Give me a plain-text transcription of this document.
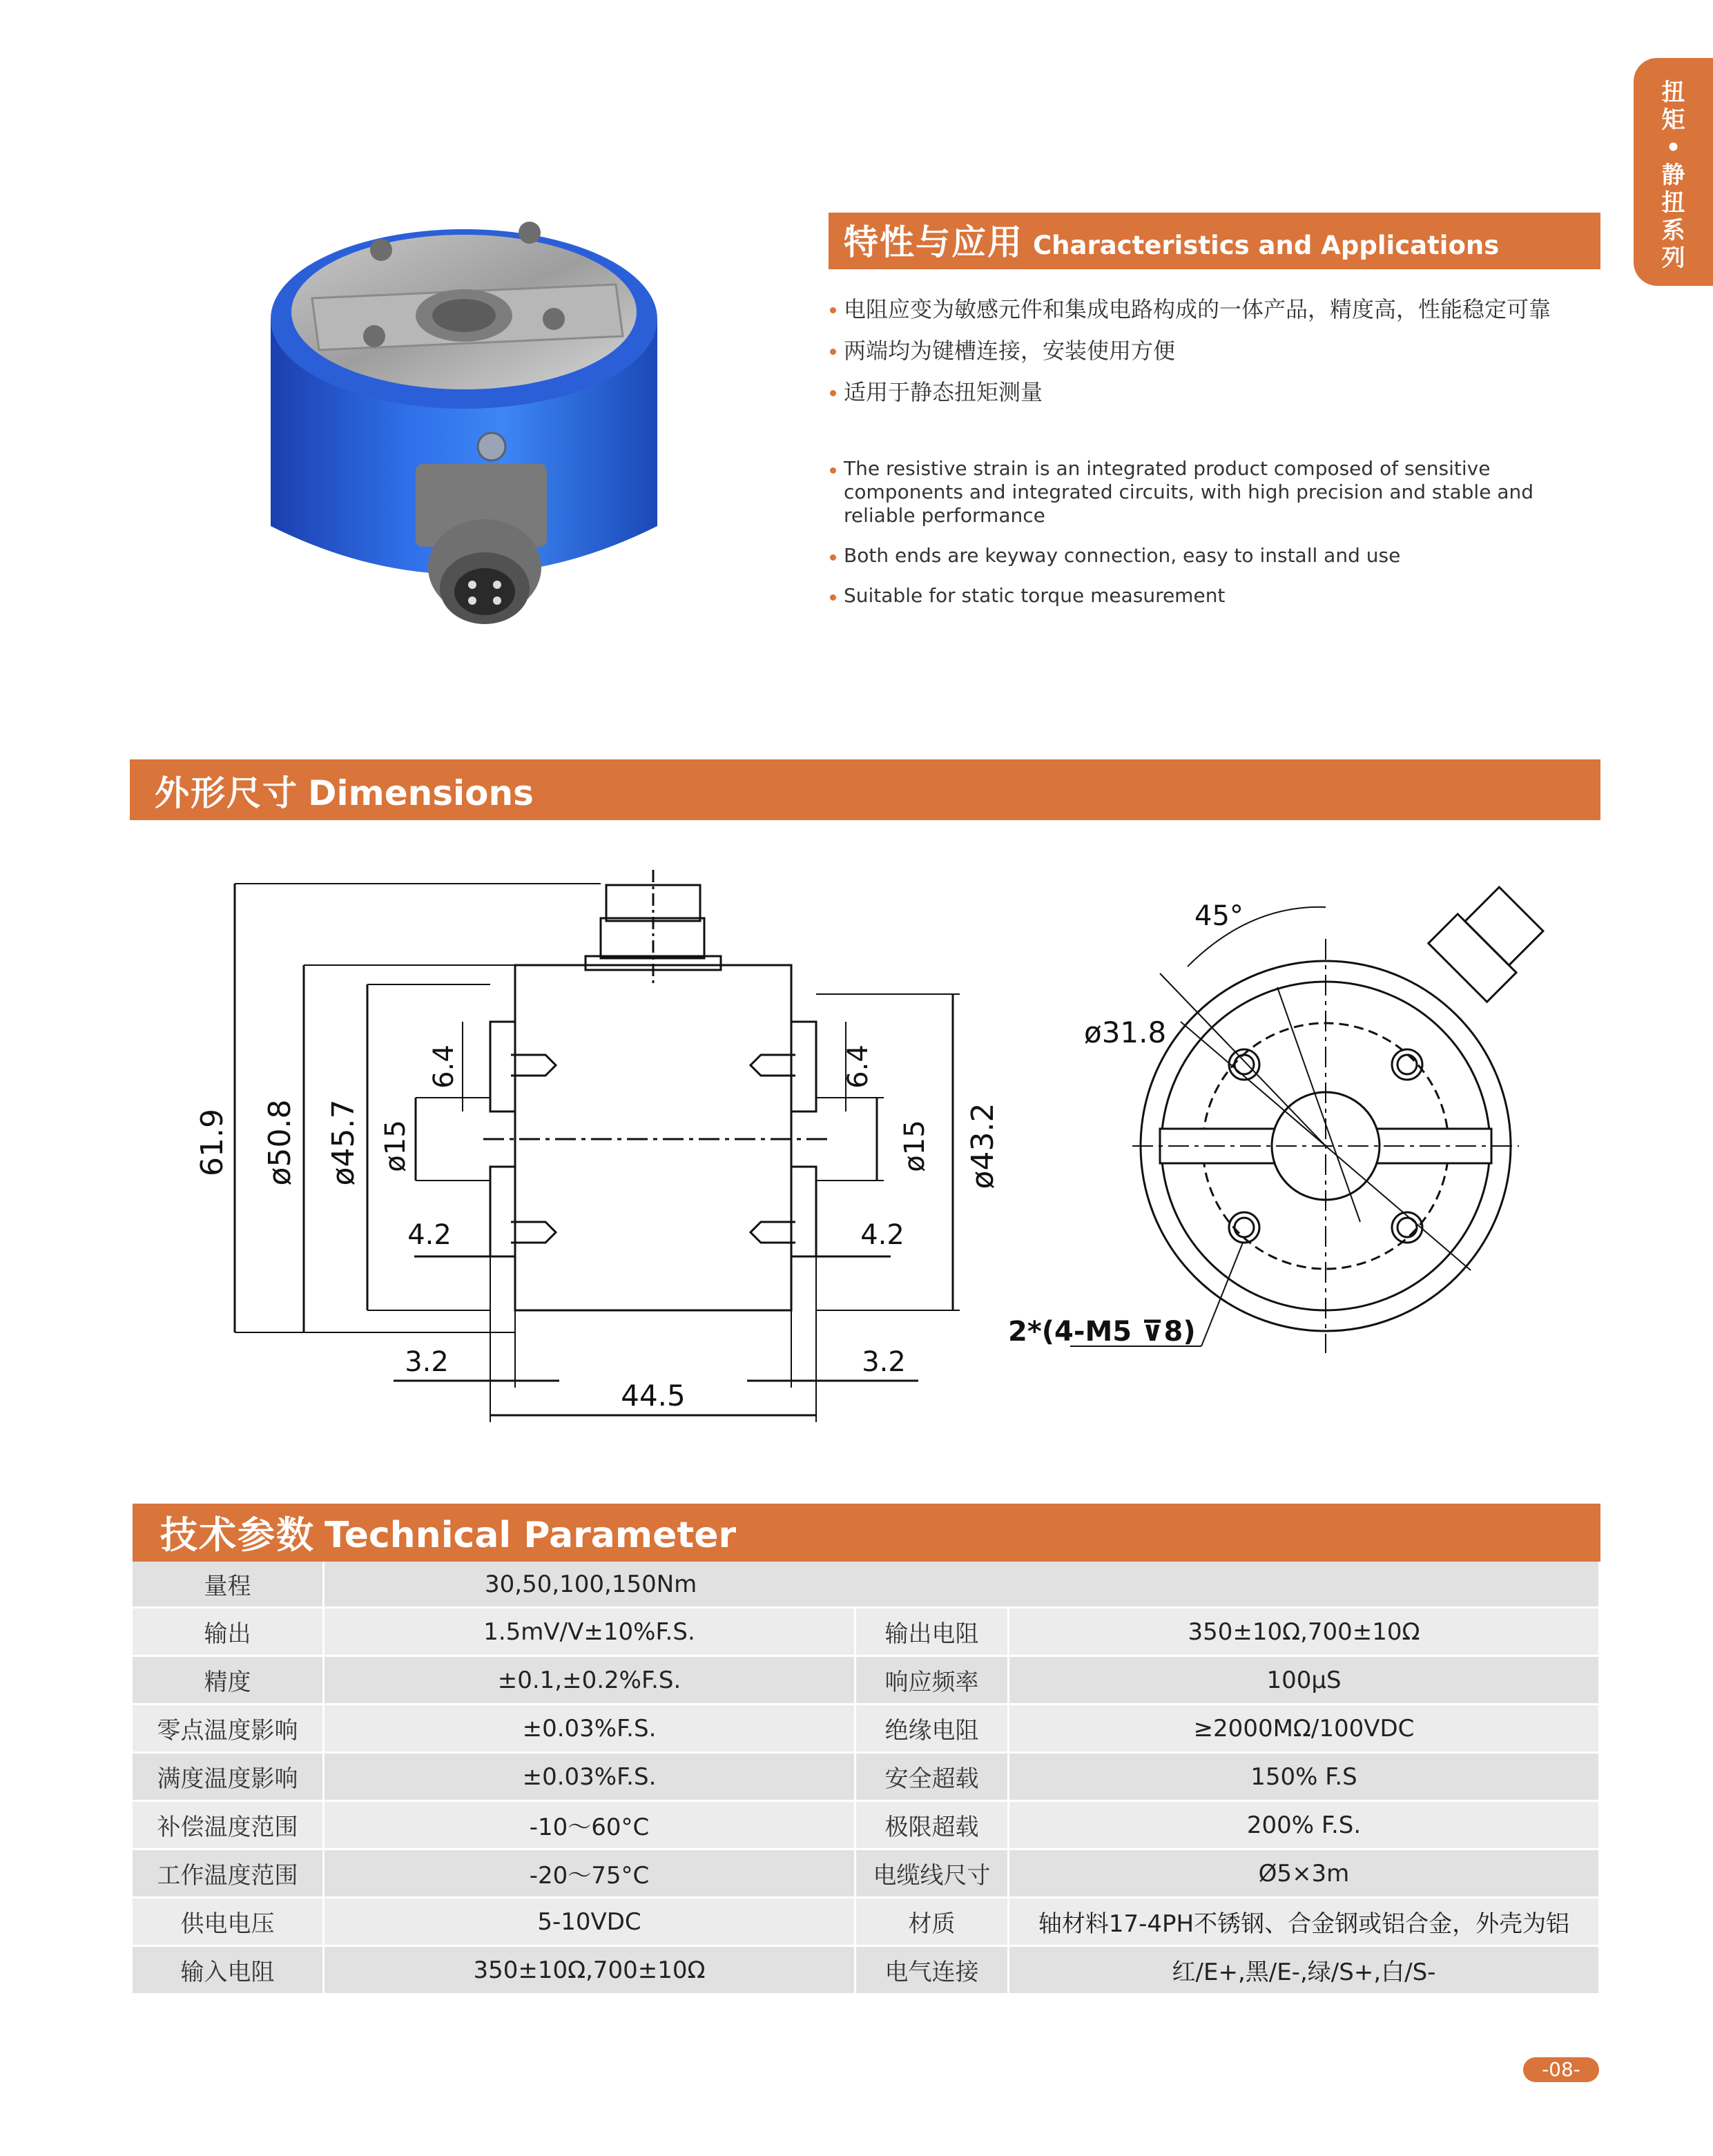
扭
矩
•
静
扭
系
列
特性与应用 Characteristics and Applications
电阻应变为敏感元件和集成电路构成的一体产品，精度高，性能稳定可靠
两端均为键槽连接，安装使用方便
适用于静态扭矩测量
The resistive strain is an integrated product composed of sensitive components and integrated circuits, with high precision and stable and reliable performance
Both ends are keyway connection, easy to install and use
Suitable for static torque measurement
外形尺寸 Dimensions
61.9 ø50.8 ø45.7 ø15
6.4
4.2
3.2
44.5
3.2
4.2
6.4
ø15 ø43.2
ø31.8
45°
2*(4-M5 ⊽8)
技术参数 Technical Parameter
量程	30,50,100,150Nm		
输出	1.5mV/V±10%F.S.	输出电阻	350±10Ω,700±10Ω
精度	±0.1,±0.2%F.S.	响应频率	100μS
零点温度影响	±0.03%F.S.	绝缘电阻	≥2000MΩ/100VDC
满度温度影响	±0.03%F.S.	安全超载	150% F.S
补偿温度范围	-10～60°C	极限超载	200% F.S.
工作温度范围	-20～75°C	电缆线尺寸	Ø5×3m
供电电压	5-10VDC	材质	轴材料17-4PH不锈钢、合金钢或铝合金，外壳为铝
输入电阻	350±10Ω,700±10Ω	电气连接	红/E+,黑/E-,绿/S+,白/S-
-08-
